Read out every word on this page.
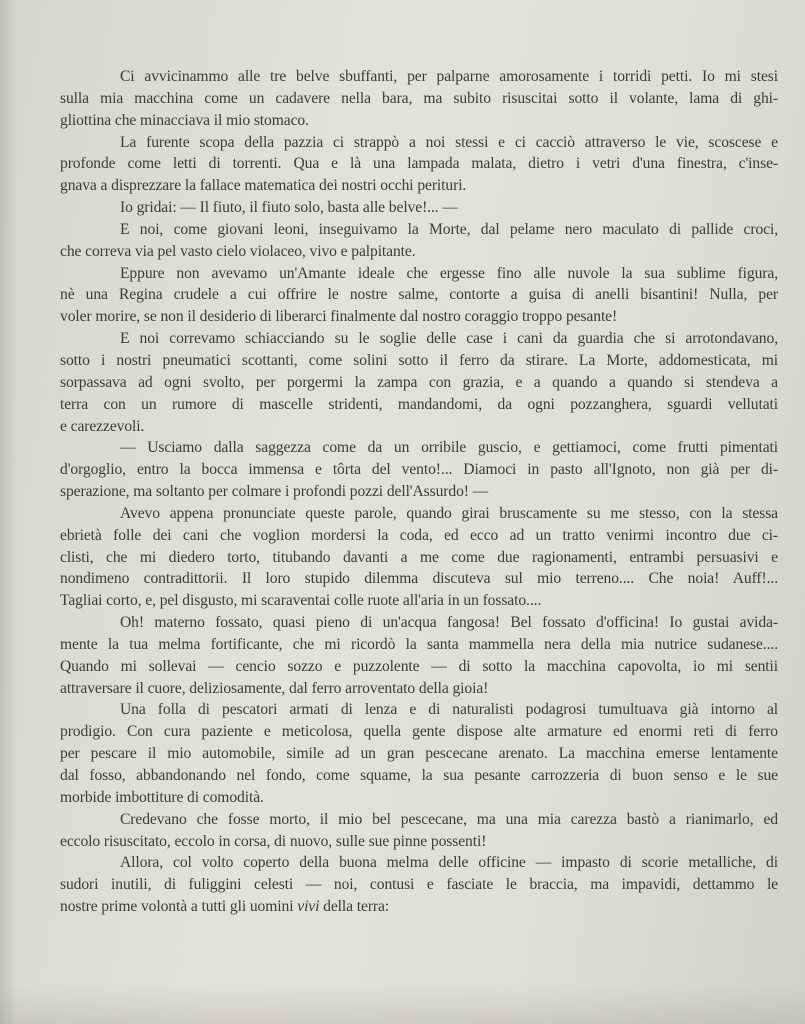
Ci avvicinammo alle tre belve sbuffanti, per palparne amorosamente i torridi petti. Io mi stesi
sulla mia macchina come un cadavere nella bara, ma subito risuscitai sotto il volante, lama di ghi-
gliottina che minacciava il mio stomaco.
La furente scopa della pazzia ci strappò a noi stessi e ci cacciò attraverso le vie, scoscese e
profonde come letti di torrenti. Qua e là una lampada malata, dietro i vetri d'una finestra, c'inse-
gnava a disprezzare la fallace matematica dei nostri occhi perituri.
Io gridai: — Il fiuto, il fiuto solo, basta alle belve!... —
E noi, come giovani leoni, inseguivamo la Morte, dal pelame nero maculato di pallide croci,
che correva via pel vasto cielo violaceo, vivo e palpitante.
Eppure non avevamo un'Amante ideale che ergesse fino alle nuvole la sua sublime figura,
nè una Regina crudele a cui offrire le nostre salme, contorte a guisa di anelli bisantini! Nulla, per
voler morire, se non il desiderio di liberarci finalmente dal nostro coraggio troppo pesante!
E noi correvamo schiacciando su le soglie delle case i cani da guardia che si arrotondavano,
sotto i nostri pneumatici scottanti, come solini sotto il ferro da stirare. La Morte, addomesticata, mi
sorpassava ad ogni svolto, per porgermi la zampa con grazia, e a quando a quando si stendeva a
terra con un rumore di mascelle stridenti, mandandomi, da ogni pozzanghera, sguardi vellutati
e carezzevoli.
— Usciamo dalla saggezza come da un orribile guscio, e gettiamoci, come frutti pimentati
d'orgoglio, entro la bocca immensa e tôrta del vento!... Diamoci in pasto all'Ignoto, non già per di-
sperazione, ma soltanto per colmare i profondi pozzi dell'Assurdo! —
Avevo appena pronunciate queste parole, quando girai bruscamente su me stesso, con la stessa
ebrietà folle dei cani che voglion mordersi la coda, ed ecco ad un tratto venirmi incontro due ci-
clisti, che mi diedero torto, titubando davanti a me come due ragionamenti, entrambi persuasivi e
nondimeno contradittorii. Il loro stupido dilemma discuteva sul mio terreno.... Che noia! Auff!...
Tagliai corto, e, pel disgusto, mi scaraventai colle ruote all'aria in un fossato....
Oh! materno fossato, quasi pieno di un'acqua fangosa! Bel fossato d'officina! Io gustai avida-
mente la tua melma fortificante, che mi ricordò la santa mammella nera della mia nutrice sudanese....
Quando mi sollevai — cencio sozzo e puzzolente — di sotto la macchina capovolta, io mi sentii
attraversare il cuore, deliziosamente, dal ferro arroventato della gioia!
Una folla di pescatori armati di lenza e di naturalisti podagrosi tumultuava già intorno al
prodigio. Con cura paziente e meticolosa, quella gente dispose alte armature ed enormi reti di ferro
per pescare il mio automobile, simile ad un gran pescecane arenato. La macchina emerse lentamente
dal fosso, abbandonando nel fondo, come squame, la sua pesante carrozzeria di buon senso e le sue
morbide imbottiture di comodità.
Credevano che fosse morto, il mio bel pescecane, ma una mia carezza bastò a rianimarlo, ed
eccolo risuscitato, eccolo in corsa, di nuovo, sulle sue pinne possenti!
Allora, col volto coperto della buona melma delle officine — impasto di scorie metalliche, di
sudori inutili, di fuliggini celesti — noi, contusi e fasciate le braccia, ma impavidi, dettammo le
nostre prime volontà a tutti gli uomini vivi della terra:
